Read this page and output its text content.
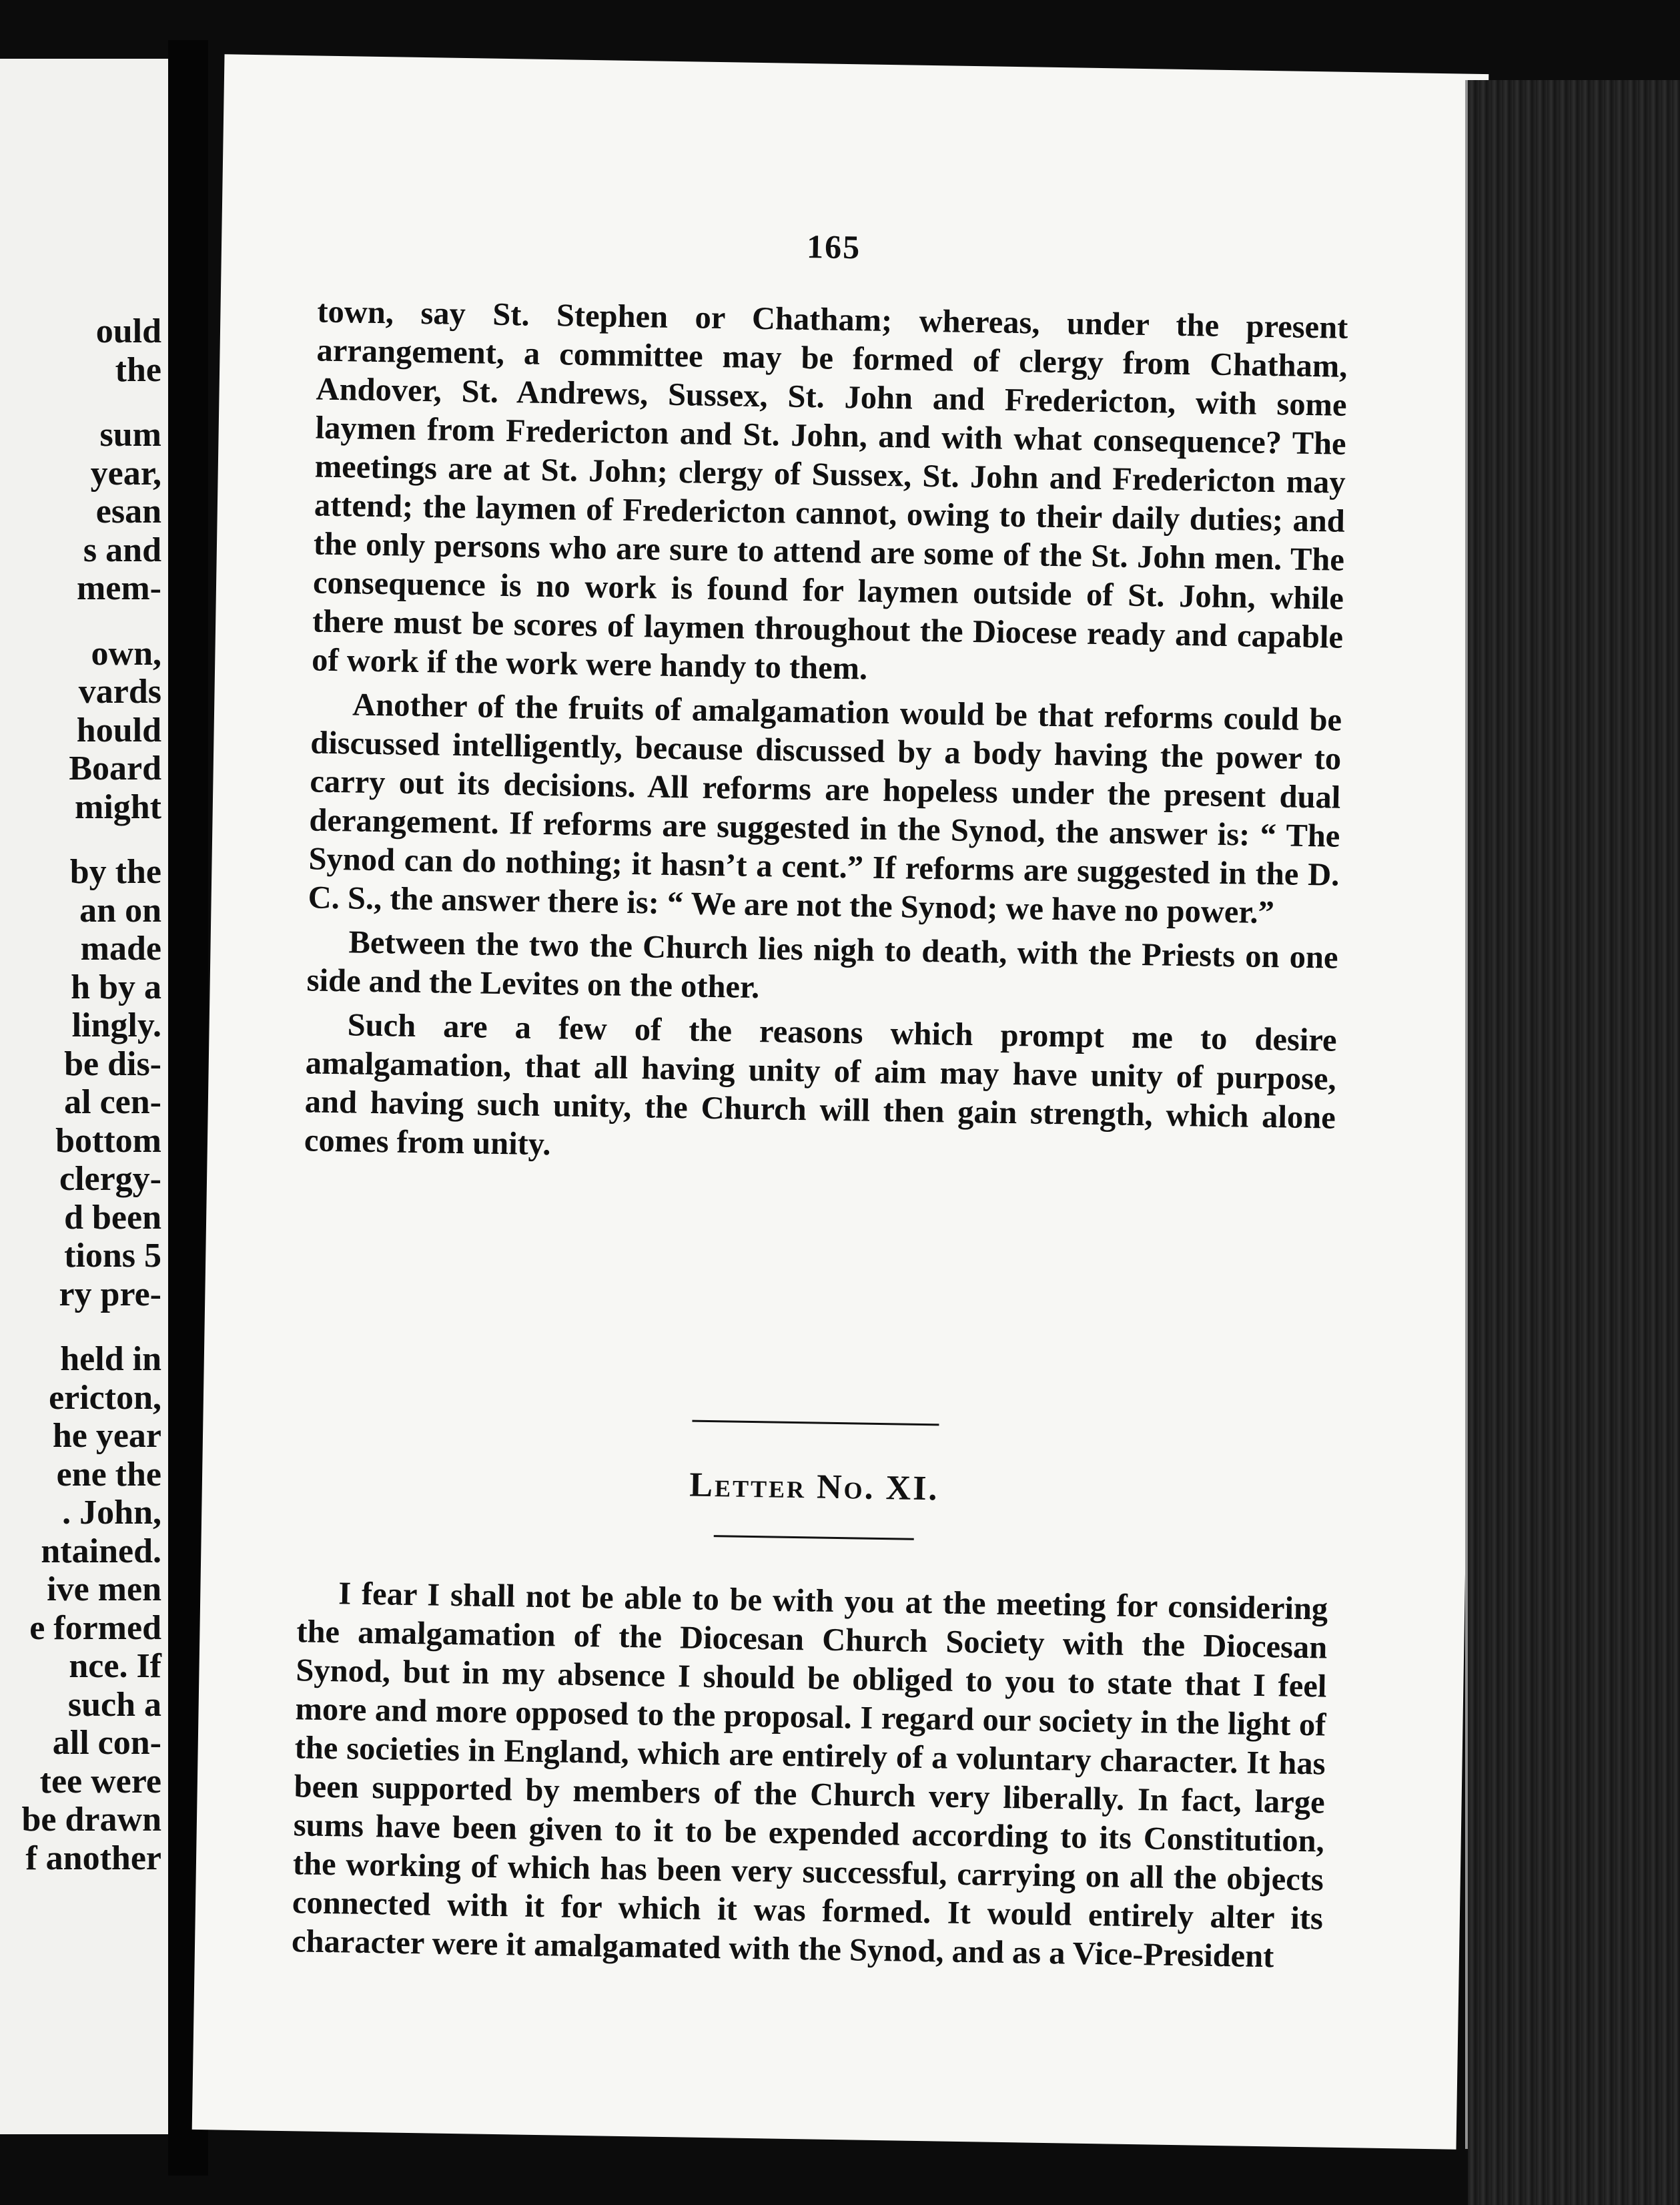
ould
the
sum
year,
esan
s and
mem-
own,
vards
hould
Board
might
by the
an on
made
h by a
lingly.
be dis-
al cen-
bottom
clergy-
d been
tions 5
ry pre-
held in
ericton,
he year
ene the
. John,
ntained.
ive men
e formed
nce. If
such a
all con-
tee were
be drawn
f another
165

town, say St. Stephen or Chatham; whereas, under the present arrangement, a committee may be formed of clergy from Chatham, Andover, St. Andrews, Sussex, St. John and Fredericton, with some laymen from Fredericton and St. John, and with what consequence? The meetings are at St. John; clergy of Sussex, St. John and Fredericton may attend; the laymen of Fredericton cannot, owing to their daily duties; and the only persons who are sure to attend are some of the St. John men. The consequence is no work is found for laymen outside of St. John, while there must be scores of laymen throughout the Diocese ready and capable of work if the work were handy to them.

Another of the fruits of amalgamation would be that reforms could be discussed intelligently, because discussed by a body having the power to carry out its decisions. All reforms are hopeless under the present dual derangement. If reforms are suggested in the Synod, the answer is: “ The Synod can do nothing; it hasn’t a cent.” If reforms are suggested in the D. C. S., the answer there is: “ We are not the Synod; we have no power.”

Between the two the Church lies nigh to death, with the Priests on one side and the Levites on the other.

Such are a few of the reasons which prompt me to desire amalgamation, that all having unity of aim may have unity of purpose, and having such unity, the Church will then gain strength, which alone comes from unity.

Letter No. XI.

I fear I shall not be able to be with you at the meeting for considering the amalgamation of the Diocesan Church Society with the Diocesan Synod, but in my absence I should be obliged to you to state that I feel more and more opposed to the proposal. I regard our society in the light of the societies in England, which are entirely of a voluntary character. It has been supported by members of the Church very liberally. In fact, large sums have been given to it to be expended according to its Constitution, the working of which has been very successful, carrying on all the objects connected with it for which it was formed. It would entirely alter its character were it amalgamated with the Synod, and as a Vice-President
